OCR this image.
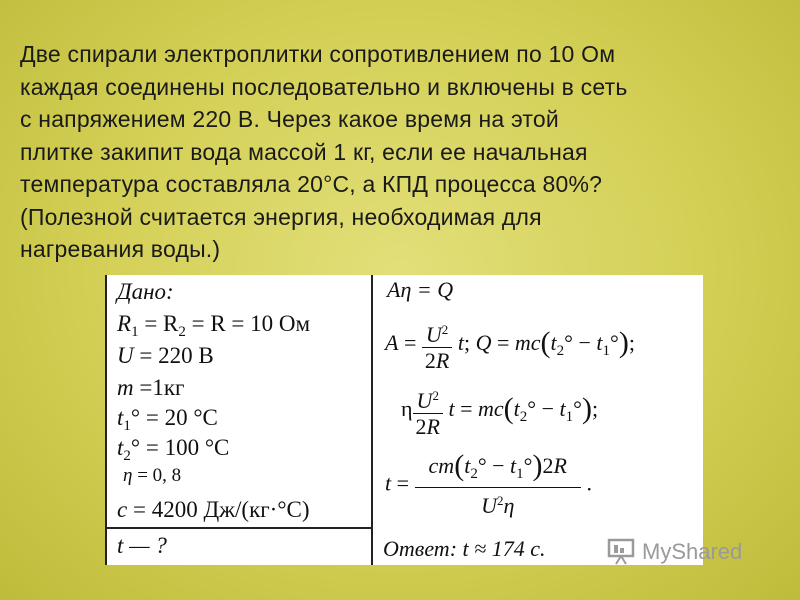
Две спирали электроплитки сопротивлением по 10 Ом
каждая соединены последовательно и включены в сеть
с напряжением 220 В. Через какое время на этой
плитке закипит вода массой 1 кг, если ее начальная
температура составляла 20°С, а КПД процесса 80%?
(Полезной считается энергия, необходимая для
нагревания воды.)
Дано:
$R_1 = R_2 = R = 10$ Ом
U = 220 В
m =1кг
$t_1^\circ = 20$ °С
$t_2^\circ = 100$ °С
η = 0, 8
c = 4200 Дж/(кг·°С)
t — ?
Aη = Q
$A = \frac{U^2}{2R} t$; $Q = mc(t_2^\circ - t_1^\circ)$;
η $\frac{U^2}{2R}$ $t = mc(t_2^\circ - t_1^\circ)$;
$t = \frac{cm(t_2^\circ - t_1^\circ)2R}{U^2\eta}$ .
Ответ: t ≈ 174 с.	MyShared
